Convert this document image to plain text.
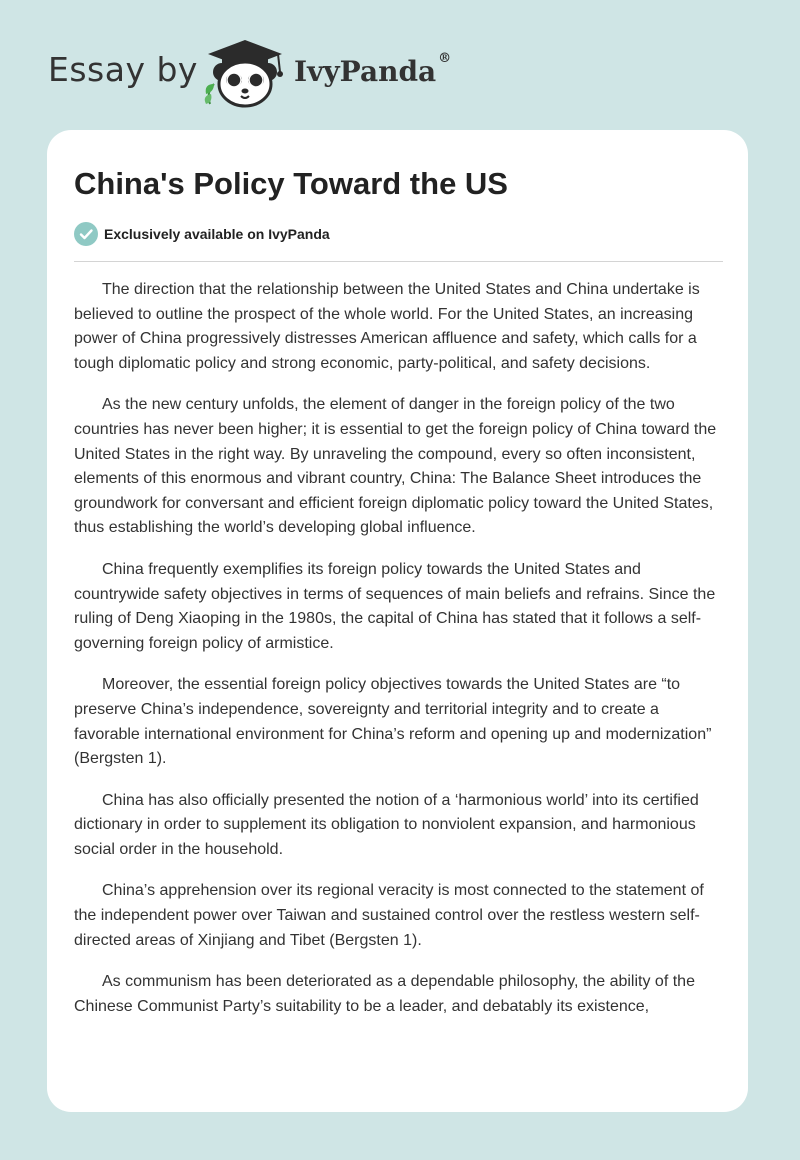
Essay by	IvyPanda ®
China's Policy Toward the US
Exclusively available on IvyPanda

The direction that the relationship between the United States and China undertake is believed to outline the prospect of the whole world. For the United States, an increasing power of China progressively distresses American affluence and safety, which calls for a tough diplomatic policy and strong economic, party-political, and safety decisions.

As the new century unfolds, the element of danger in the foreign policy of the two countries has never been higher; it is essential to get the foreign policy of China toward the United States in the right way. By unraveling the compound, every so often inconsistent, elements of this enormous and vibrant country, China: The Balance Sheet introduces the groundwork for conversant and efficient foreign diplomatic policy toward the United States, thus establishing the world’s developing global influence.

China frequently exemplifies its foreign policy towards the United States and countrywide safety objectives in terms of sequences of main beliefs and refrains. Since the ruling of Deng Xiaoping in the 1980s, the capital of China has stated that it follows a self-governing foreign policy of armistice.

Moreover, the essential foreign policy objectives towards the United States are “to preserve China’s independence, sovereignty and territorial integrity and to create a favorable international environment for China’s reform and opening up and modernization” (Bergsten 1).

China has also officially presented the notion of a ‘harmonious world’ into its certified dictionary in order to supplement its obligation to nonviolent expansion, and harmonious social order in the household.

China’s apprehension over its regional veracity is most connected to the statement of the independent power over Taiwan and sustained control over the restless western self-directed areas of Xinjiang and Tibet (Bergsten 1).

As communism has been deteriorated as a dependable philosophy, the ability of the Chinese Communist Party’s suitability to be a leader, and debatably its existence,
